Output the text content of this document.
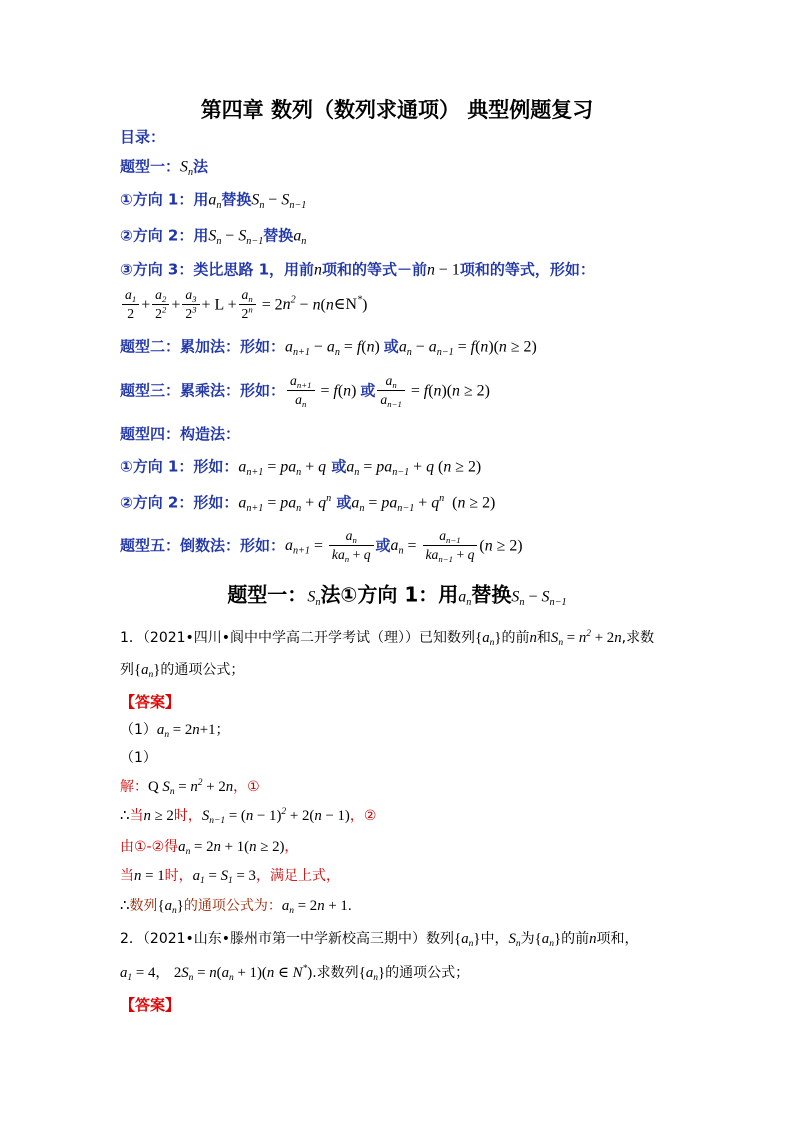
第四章 数列（数列求通项） 典型例题复习
目录：
题型一：$S_n$法
①方向 1：用$a_n$替换$S_n - S_{n-1}$
②方向 2：用$S_n - S_{n-1}$替换$a_n$
③方向 3：类比思路 1，用前n项和的等式－前n − 1项和的等式，形如：
$\frac{a_1}{2} + \frac{a_2}{2^2} + \frac{a_3}{2^3} + L + \frac{a_n}{2^n} = 2n^2$ − n(n∈N*)
题型二：累加法：形如：$a_{n+1} - a_n = f(n)$ 或$a_n - a_{n-1} = f(n)(n \ge 2)$
题型三：累乘法：形如： $\frac{a_{n+1}}{a_n} = f(n)$ 或 $\frac{a_n}{a_{n-1}} = f(n)(n \ge 2)$
题型四：构造法：
①方向 1：形如：$a_{n+1} = pa_n + q$ 或$a_n = pa_{n-1} + q$ (n ≥ 2)
②方向 2：形如：$a_{n+1} = pa_n + q^n$ 或$a_n = pa_{n-1} + q^n$  (n ≥ 2)
题型五：倒数法：形如：$a_{n+1} = \frac{a_n}{ka_n + q}$ 或$a_n = \frac{a_{n-1}}{ka_{n-1} + q} (n \ge 2)$
题型一：$S_n$法①方向 1：用$a_n$替换$S_n - S_{n-1}$
1．（2021•四川•阆中中学高二开学考试（理））已知数列$\{a_n\}$的前n和$S_n = n^2 + 2n$,求数
列$\{a_n\}$的通项公式；
【答案】
$(1)a_n = 2n+1$；
（1）
解：Q $S_n = n^2 + 2n$，①
∴当n ≥ 2时，$S_{n-1} = (n - 1)^2 + 2(n - 1)$，②
由①-②得$a_n = 2n + 1(n \ge 2)$，
当n = 1时，$a_1 = S_1 = 3$，满足上式，
∴数列$\{a_n\}$的通项公式为：$a_n = 2n + 1$.
2．（2021•山东•滕州市第一中学新校高三期中）数列$\{a_n\}$中，$S_n$为$\{a_n\}$的前n项和，
$a_1 = 4$， $2S_n = n(a_n + 1)(n$ ∈ N*).求数列$\{a_n\}$的通项公式；
【答案】
